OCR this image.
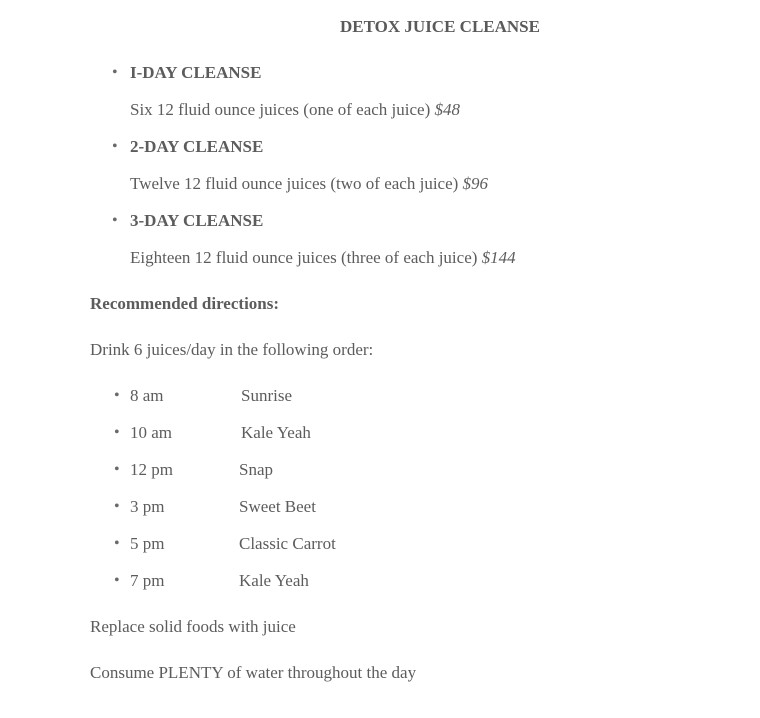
DETOX JUICE CLEANSE
• I-DAY CLEANSE
Six 12 fluid ounce juices (one of each juice) $48
• 2-DAY CLEANSE
Twelve 12 fluid ounce juices (two of each juice) $96
• 3-DAY CLEANSE
Eighteen 12 fluid ounce juices (three of each juice) $144
Recommended directions:
Drink 6 juices/day in the following order:
• 8 am	Sunrise
• 10 am	Kale Yeah
• 12 pm	Snap
• 3 pm	Sweet Beet
• 5 pm	Classic Carrot
• 7 pm	Kale Yeah
Replace solid foods with juice
Consume PLENTY of water throughout the day
